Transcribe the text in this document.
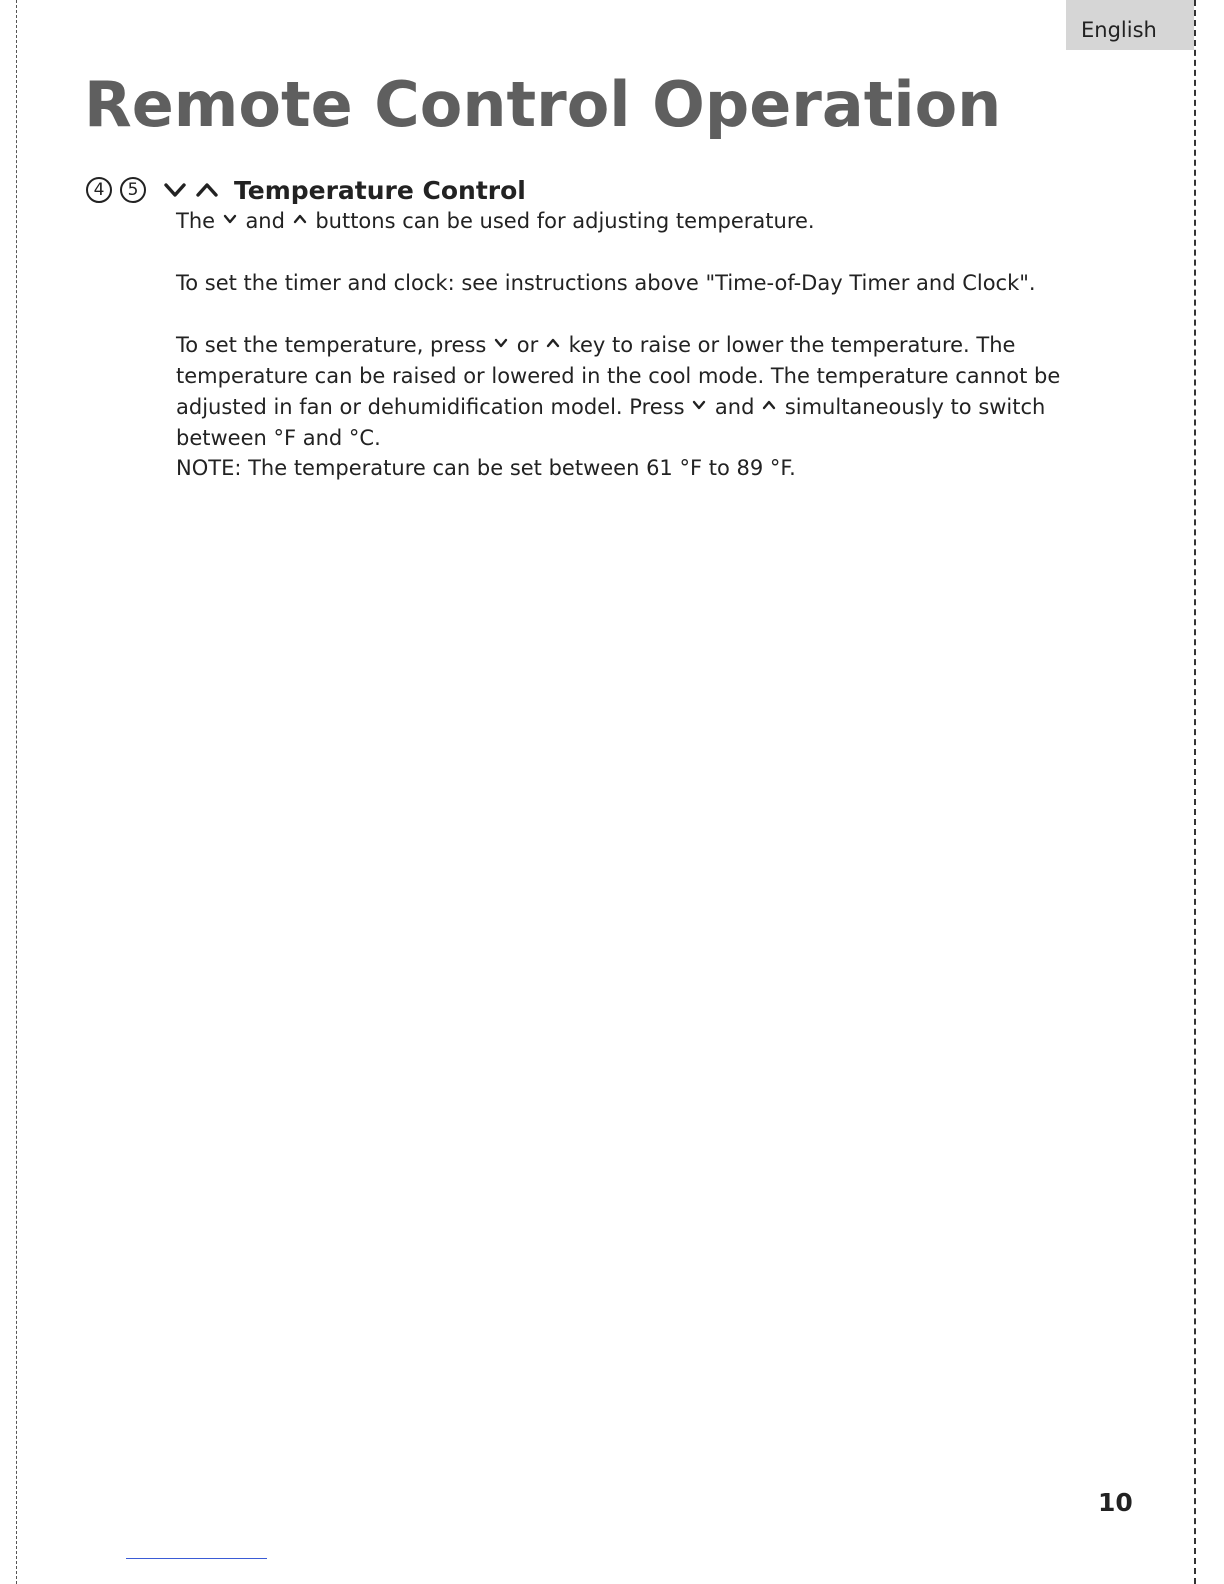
English
Remote Control Operation
4	5	Temperature Control

The and buttons can be used for adjusting temperature.

To set the timer and clock: see instructions above "Time-of-Day Timer and Clock".

To set the temperature, press or key to raise or lower the temperature. The temperature can be raised or lowered in the cool mode. The temperature cannot be adjusted in fan or dehumidification model. Press and simultaneously to switch between °F and °C.

NOTE: The temperature can be set between 61 °F to 89 °F.

10
